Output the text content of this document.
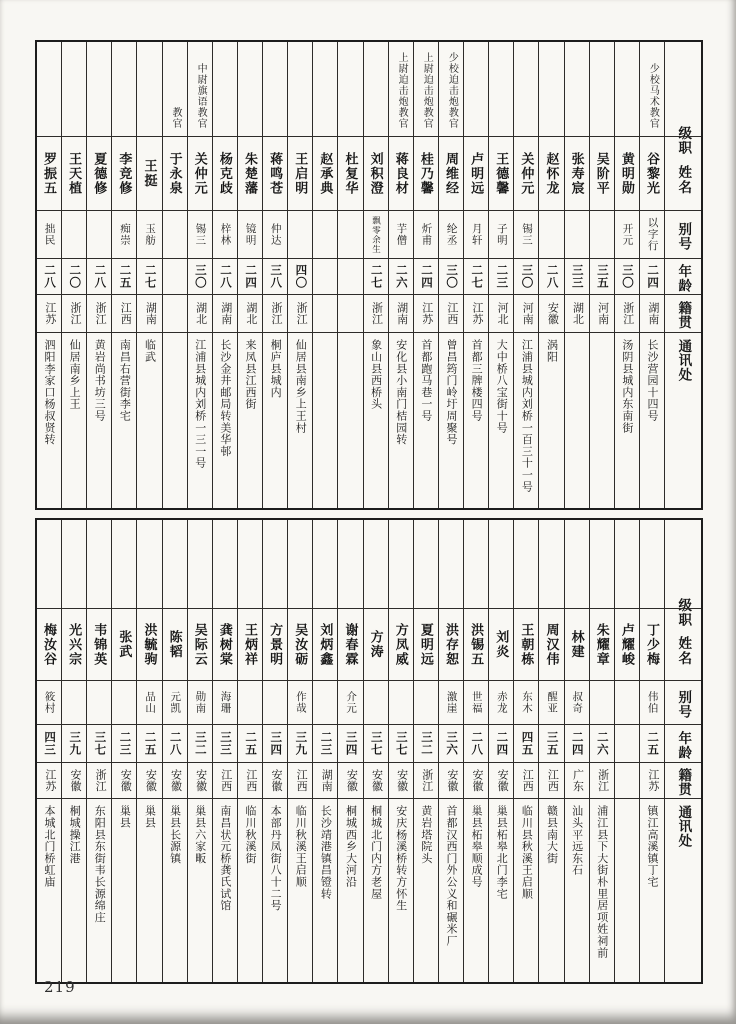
级职
姓名
别号
年龄
籍贯
通讯处
少校马术教官
谷黎光
以字行
二四
湖南
长沙营园十四号
黄明勋
开元
三〇
浙江
汤阴县城内东南街
吴阶平
三五
河南
张寿宸
三三
湖北
赵怀龙
二八
安徽
涡阳
关仲元
锡三
三〇
河南
江浦县城内刘桥一百三十一号
王德馨
子明
二三
河北
大中桥八宝街十号
卢明远
月轩
二七
江苏
首都三牌楼四号
少校迫击炮教官
周维经
纶丞
三〇
江西
曾昌筠门岭圩周聚号
上尉迫击炮教官
桂乃馨
炘甫
二四
江苏
首都跑马巷一号
上尉迫击炮教官
蒋良材
芋僧
二六
湖南
安化县小南门桔园转
刘积澄
飘零余生
二七
浙江
象山县西桥头
杜复华
赵承典
王启明
四〇
浙江
仙居县南乡上王村
蒋鸣苍
仲达
三八
浙江
桐庐县城内
朱楚藩
镜明
二四
湖北
来凤县江西街
杨克歧
梓林
二八
湖南
长沙金井邮局转美华邨
中尉旗语教官
关仲元
锡三
三〇
湖北
江浦县城内刘桥一三一号
教官
于永泉
王挺
玉舫
二七
湖南
临武
李竞修
痴崇
二五
江西
南昌右营街李宅
夏德修
二八
浙江
黄岩尚书坊三号
王天植
二〇
浙江
仙居南乡上王
罗振五
拙民
二八
江苏
泗阳李家口杨叔贤转
级职
姓名
别号
年龄
籍贯
通讯处
丁少梅
伟伯
二五
江苏
镇江高溪镇丁宅
卢耀峻
朱耀章
二六
浙江
浦江县下大街朴里居项姓祠前
林建
叔奇
二四
广东
汕头平远东石
周汉伟
醒亚
三五
江西
赣县南大街
王朝栋
东木
四五
江西
临川县秋溪王启顺
刘炎
赤龙
二四
安徽
巢县柘皋北门李宅
洪锡五
世福
二八
安徽
巢县柘皋顺成号
洪存恕
激崖
三六
安徽
首都汉西门外公义和碾米厂
夏明远
三二
浙江
黄岩塔院头
方凤威
三七
安徽
安庆杨溪桥转方怀生
方涛
三七
安徽
桐城北门内方老屋
谢春霖
介元
三四
安徽
桐城西乡大河沿
刘炳鑫
二三
湖南
长沙靖港镇昌镫转
吴汝砺
作哉
三九
江西
临川秋溪王启顺
方景明
三四
安徽
本部丹凤街八十二号
王炳祥
二五
江西
临川秋溪街
龚树棠
海珊
三三
江西
南昌状元桥龚氏试馆
吴际云
勋南
三二
安徽
巢县六家畈
陈韬
元凯
二八
安徽
巢县长源镇
洪毓驹
品山
二五
安徽
巢县
张武
二三
安徽
巢县
韦锦英
三七
浙江
东阳县东街韦长源绵庄
光兴宗
三九
安徽
桐城操江港
梅汝谷
筱村
四三
江苏
本城北门桥虹庙
219
